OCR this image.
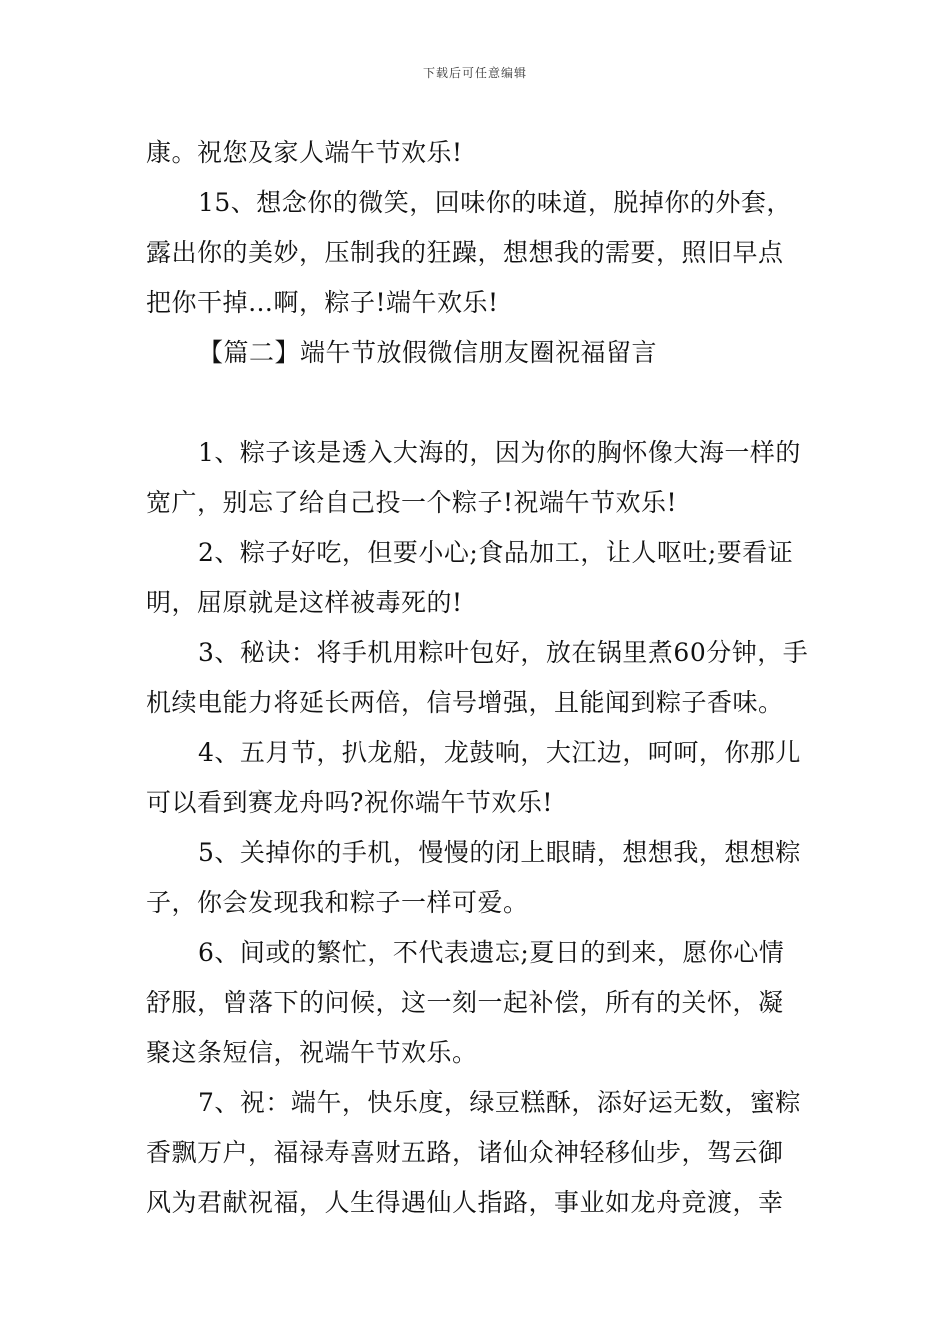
下载后可任意编辑
康。祝您及家人端午节欢乐!
15、想念你的微笑，回味你的味道，脱掉你的外套，
露出你的美妙，压制我的狂躁，想想我的需要，照旧早点
把你干掉…啊，粽子!端午欢乐!
【篇二】端午节放假微信朋友圈祝福留言
1、粽子该是透入大海的，因为你的胸怀像大海一样的
宽广，别忘了给自己投一个粽子!祝端午节欢乐!
2、粽子好吃，但要小心;食品加工，让人呕吐;要看证
明，屈原就是这样被毒死的!
3、秘诀：将手机用粽叶包好，放在锅里煮60分钟，手
机续电能力将延长两倍，信号增强，且能闻到粽子香味。
4、五月节，扒龙船，龙鼓响，大江边，呵呵，你那儿
可以看到赛龙舟吗?祝你端午节欢乐!
5、关掉你的手机，慢慢的闭上眼睛，想想我，想想粽
子，你会发现我和粽子一样可爱。
6、间或的繁忙，不代表遗忘;夏日的到来，愿你心情
舒服，曾落下的问候，这一刻一起补偿，所有的关怀，凝
聚这条短信，祝端午节欢乐。
7、祝：端午，快乐度，绿豆糕酥，添好运无数，蜜粽
香飘万户，福禄寿喜财五路，诸仙众神轻移仙步，驾云御
风为君献祝福，人生得遇仙人指路，事业如龙舟竞渡，幸
